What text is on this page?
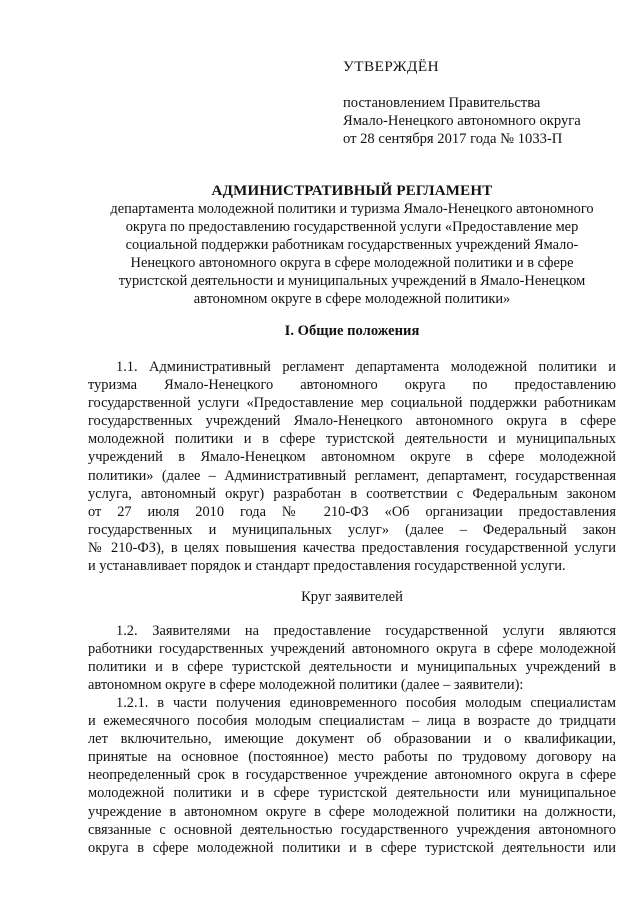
УТВЕРЖДЁН
постановлением Правительства
Ямало-Ненецкого автономного округа
от 28 сентября 2017 года № 1033-П
АДМИНИСТРАТИВНЫЙ РЕГЛАМЕНТ
департамента молодежной политики и туризма Ямало-Ненецкого автономного
округа по предоставлению государственной услуги «Предоставление мер
социальной поддержки работникам государственных учреждений Ямало-
Ненецкого автономного округа в сфере молодежной политики и в сфере
туристской деятельности и муниципальных учреждений в Ямало-Ненецком
автономном округе в сфере молодежной политики»
I. Общие положения
1.1. Административный регламент департамента молодежной политики и
туризма Ямало-Ненецкого автономного округа по предоставлению
государственной услуги «Предоставление мер социальной поддержки работникам
государственных учреждений Ямало-Ненецкого автономного округа в сфере
молодежной политики и в сфере туристской деятельности и муниципальных
учреждений в Ямало-Ненецком автономном округе в сфере молодежной
политики» (далее – Административный регламент, департамент, государственная
услуга, автономный округ) разработан в соответствии с Федеральным законом
от 27 июля 2010 года № 210-ФЗ «Об организации предоставления
государственных и муниципальных услуг» (далее – Федеральный закон
№ 210-ФЗ), в целях повышения качества предоставления государственной услуги
и устанавливает порядок и стандарт предоставления государственной услуги.
Круг заявителей
1.2. Заявителями на предоставление государственной услуги являются
работники государственных учреждений автономного округа в сфере молодежной
политики и в сфере туристской деятельности и муниципальных учреждений в
автономном округе в сфере молодежной политики (далее – заявители):
1.2.1. в части получения единовременного пособия молодым специалистам
и ежемесячного пособия молодым специалистам – лица в возрасте до тридцати
лет включительно, имеющие документ об образовании и о квалификации,
принятые на основное (постоянное) место работы по трудовому договору на
неопределенный срок в государственное учреждение автономного округа в сфере
молодежной политики и в сфере туристской деятельности или муниципальное
учреждение в автономном округе в сфере молодежной политики на должности,
связанные с основной деятельностью государственного учреждения автономного
округа в сфере молодежной политики и в сфере туристской деятельности или
